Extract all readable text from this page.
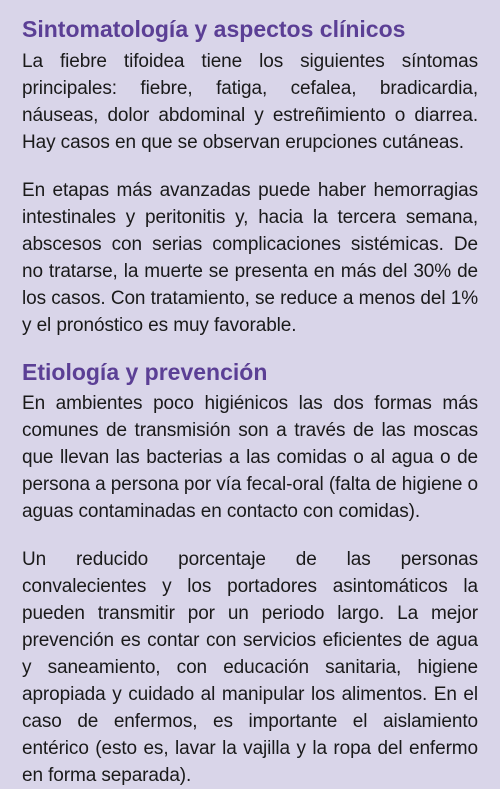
Sintomatología y aspectos clínicos

La fiebre tifoidea tiene los siguientes síntomas principales: fiebre, fatiga, cefalea, bradicardia, náuseas, dolor abdominal y estreñimiento o diarrea. Hay casos en que se observan erupciones cutáneas.

En etapas más avanzadas puede haber hemorragias intestinales y peritonitis y, hacia la tercera semana, abscesos con serias complicaciones sistémicas. De no tratarse, la muerte se presenta en más del 30% de los casos. Con tratamiento, se reduce a menos del 1% y el pronóstico es muy favorable.

Etiología y prevención

En ambientes poco higiénicos las dos formas más comunes de transmisión son a través de las moscas que llevan las bacterias a las comidas o al agua o de persona a persona por vía fecal-oral (falta de higiene o aguas contaminadas en contacto con comidas).

Un reducido porcentaje de las personas convalecientes y los portadores asintomáticos la pueden transmitir por un periodo largo. La mejor prevención es contar con servicios eficientes de agua y saneamiento, con educación sanitaria, higiene apropiada y cuidado al manipular los alimentos. En el caso de enfermos, es importante el aislamiento entérico (esto es, lavar la vajilla y la ropa del enfermo en forma separada).
